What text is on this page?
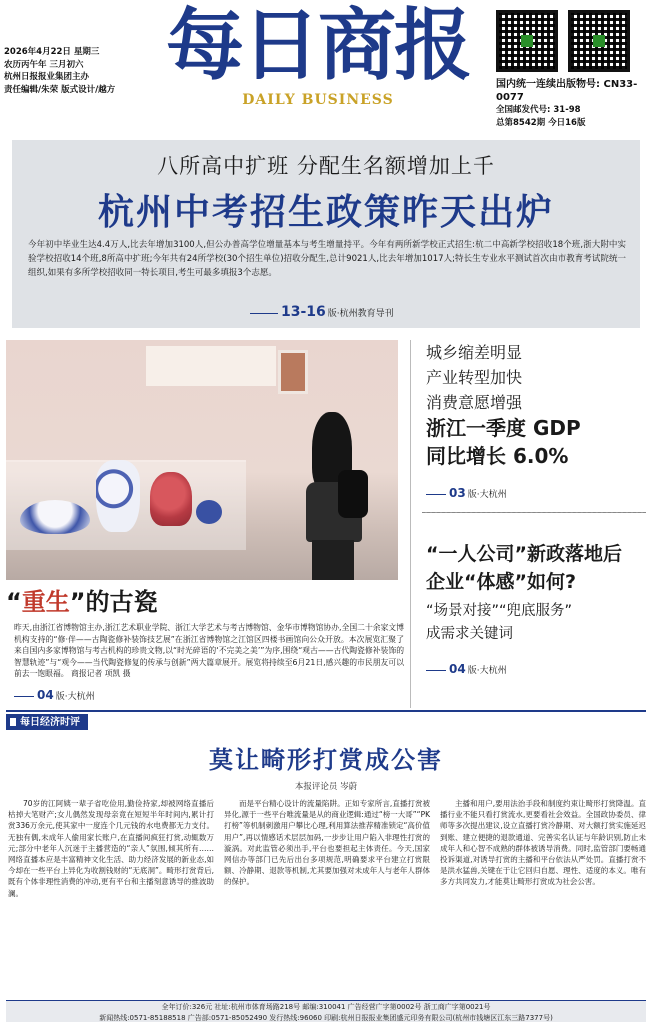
2026年4月22日 星期三
农历丙午年 三月初六
杭州日报报业集团主办
责任编辑/朱荣 版式设计/越方 每日商报
DAILY BUSINESS
国内统一连续出版物号: CN33-0077
全国邮发代号: 31-98
总第8542期 今日16版
八所高中扩班 分配生名额增加上千
杭州中考招生政策昨天出炉
今年初中毕业生达4.4万人,比去年增加3100人,但公办普高学位增量基本与考生增量持平。今年有两所新学校正式招生:杭二中高新学校招收18个班,浙大附中实验学校招收14个班,8所高中扩班;今年共有24所学校(30个招生单位)招收分配生,总计9021人,比去年增加1017人;特长生专业水平测试首次由市教育考试院统一组织,如果有多所学校招收同一特长项目,考生可最多填报3个志愿。
13-16 版·杭州教育导刊
“重生”的古瓷
昨天,由浙江省博物馆主办,浙江艺术职业学院、浙江大学艺术与考古博物馆、金华市博物馆协办,全国二十余家文博机构支持的“修·伴——古陶瓷修补装饰技艺展”在浙江省博物馆之江馆区四楼书画馆向公众开放。本次展览汇聚了来自国内多家博物馆与考古机构的珍贵文物,以“时光碎语的‘不完美之美’”为序,围绕“观古——古代陶瓷修补装饰的智慧轨迹”与“观今——当代陶瓷修复的传承与创新”两大篇章展开。展览将持续至6月21日,感兴趣的市民朋友可以前去一饱眼福。 商报记者 项凯 摄
04 版·大杭州
城乡缩差明显
产业转型加快
消费意愿增强
浙江一季度 GDP
同比增长 6.0%
03 版·大杭州
“一人公司”新政落地后
企业“体感”如何?
“场景对接”“兜底服务”
成需求关键词
04 版·大杭州
每日经济时评
莫让畸形打赏成公害
本报评论员 岑蔚

70岁的江阿姨一辈子省吃俭用,勤俭持家,却被网络直播后枯掉大笔财产;女儿偶然发现母亲竟在短短半年时间内,累计打赏336万余元,使其家中一度连个几元钱的水电费都无力支付。无独有偶,未成年人偷用家长账户,在直播间疯狂打赏,动辄数万元;部分中老年人沉迷于主播营造的“亲人”氛围,倾其所有……网络直播本应是丰富精神文化生活、助力经济发展的新业态,如今却在一些平台上异化为收割钱财的“无底洞”。畸形打赏背后,既有个体非理性消费的冲动,更有平台和主播刻意诱导的推波助澜。

而是平台精心设计的流量陷阱。正如专家所言,直播打赏被异化,源于一些平台唯流量是从的商业逻辑:通过“榜一大哥”“PK打榜”等机制刺激用户攀比心理,利用算法推荐精准锁定“高价值用户”,再以情感话术层层加码,一步步让用户陷入非理性打赏的漩涡。对此监管必须出手,平台也要担起主体责任。今天,国家网信办等部门已先后出台多项规范,明确要求平台建立打赏限额、冷静期、退款等机制,尤其要加强对未成年人与老年人群体的保护。

主播和用户,要用法治手段和制度约束让畸形打赏降温。直播行业不能只看打赏流水,更要看社会效益。全国政协委员、律师等多次提出建议,设立直播打赏冷静期、对大额打赏实施延迟到账、建立便捷的退款通道、完善实名认证与年龄识别,防止未成年人和心智不成熟的群体被诱导消费。同时,监管部门要畅通投诉渠道,对诱导打赏的主播和平台依法从严处罚。直播打赏不是洪水猛兽,关键在于让它回归自愿、理性、适度的本义。唯有多方共同发力,才能莫让畸形打赏成为社会公害。

全年订价:326元 社址:杭州市体育场路218号 邮编:310041 广告经营广字第0002号 浙工商广字第0021号
新闻热线:0571-85188518 广告部:0571-85052490 发行热线:96060 印刷:杭州日报报业集团盛元印务有限公司(杭州市钱塘区江东三路7377号)
